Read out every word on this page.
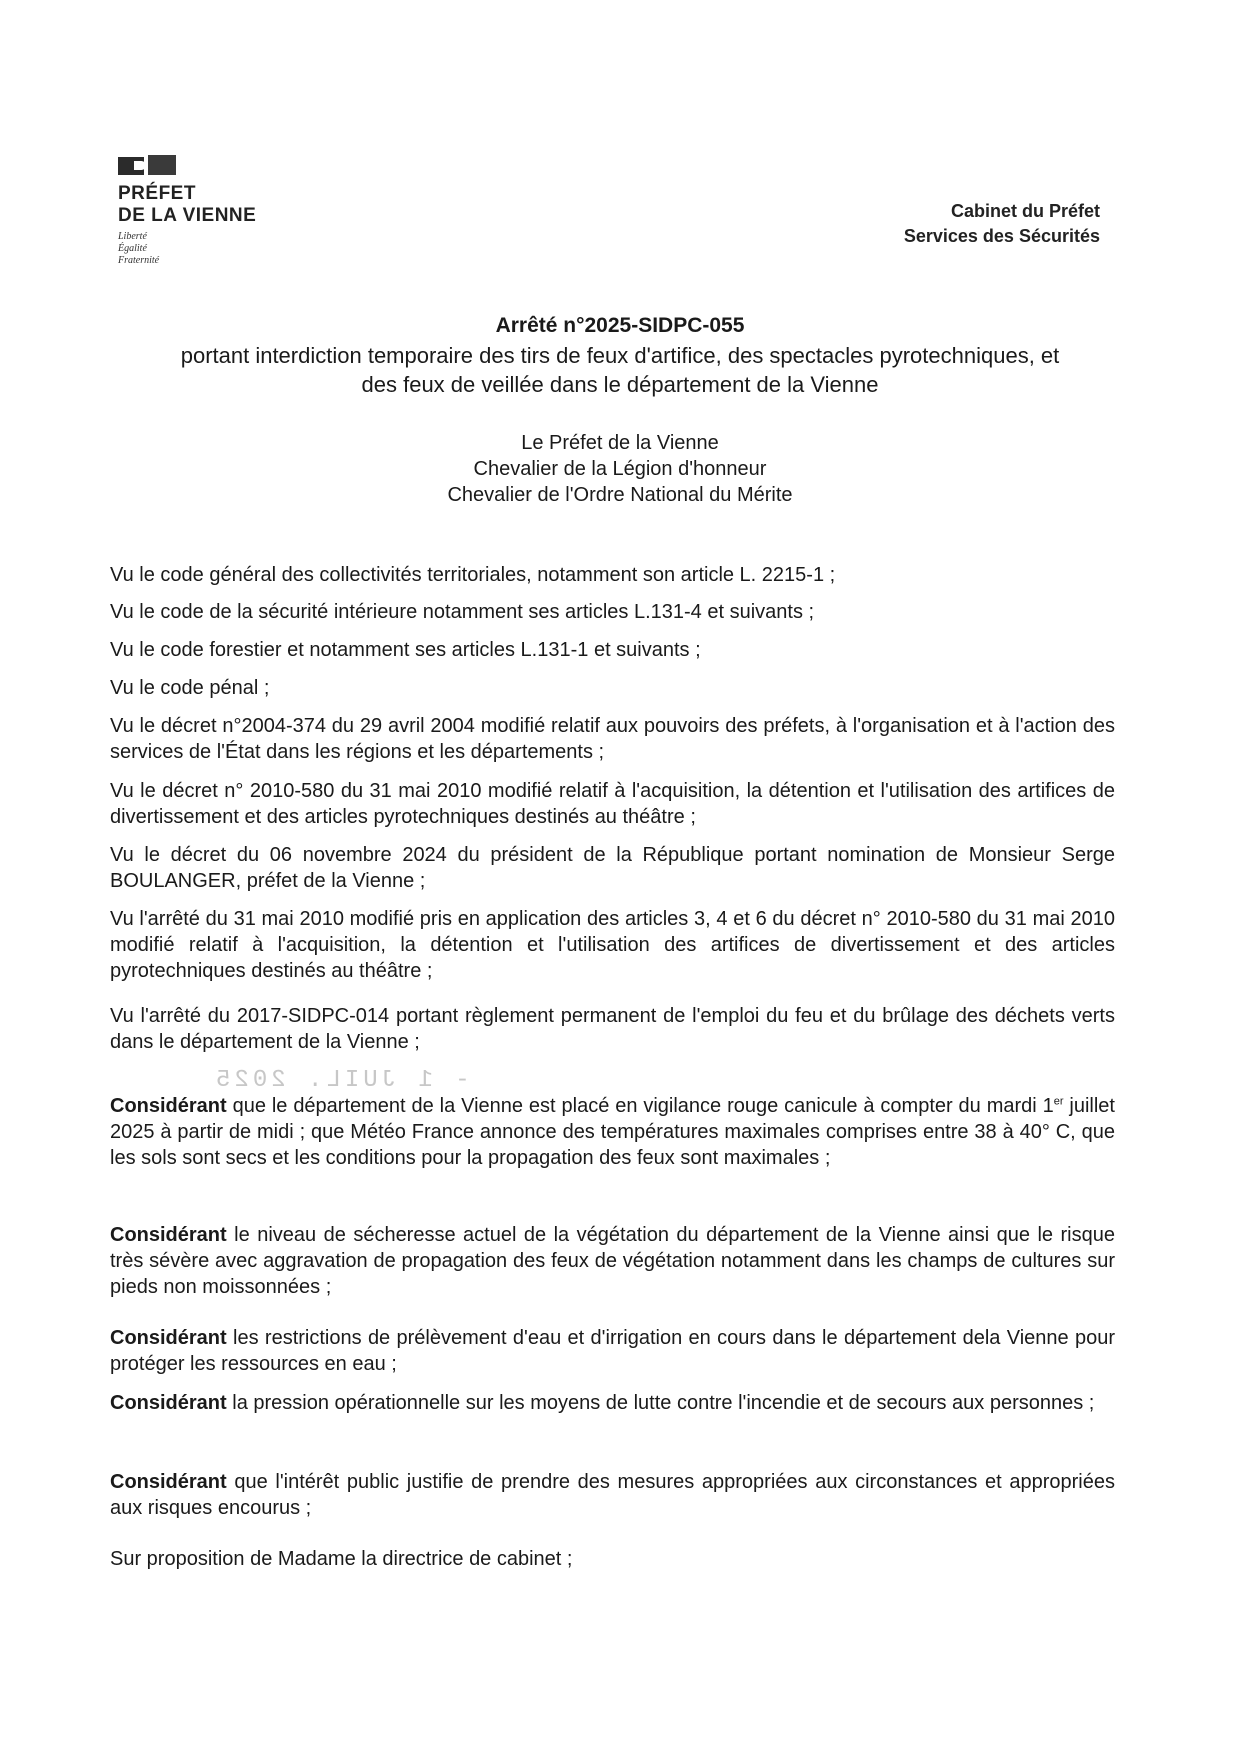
PRÉFET
DE LA VIENNE
Liberté
Égalité
Fraternité
Cabinet du Préfet
Services des Sécurités
Arrêté n°2025-SIDPC-055
portant interdiction temporaire des tirs de feux d'artifice, des spectacles pyrotechniques, et
des feux de veillée dans le département de la Vienne
Le Préfet de la Vienne
Chevalier de la Légion d'honneur
Chevalier de l'Ordre National du Mérite
Vu le code général des collectivités territoriales, notamment son article L. 2215-1 ;
Vu le code de la sécurité intérieure notamment ses articles L.131-4 et suivants ;
Vu le code forestier et notamment ses articles L.131-1 et suivants ;
Vu le code pénal ;
Vu le décret n°2004-374 du 29 avril 2004 modifié relatif aux pouvoirs des préfets, à l'organisation et à l'action des services de l'État dans les régions et les départements ;
Vu le décret n° 2010-580 du 31 mai 2010 modifié relatif à l'acquisition, la détention et l'utilisation des artifices de divertissement et des articles pyrotechniques destinés au théâtre ;
Vu le décret du 06 novembre 2024 du président de la République portant nomination de Monsieur Serge BOULANGER, préfet de la Vienne ;
Vu l'arrêté du 31 mai 2010 modifié pris en application des articles 3, 4 et 6 du décret n° 2010-580 du 31 mai 2010 modifié relatif à l'acquisition, la détention et l'utilisation des artifices de divertissement et des articles pyrotechniques destinés au théâtre ;
Vu l'arrêté du 2017-SIDPC-014 portant règlement permanent de l'emploi du feu et du brûlage des déchets verts dans le département de la Vienne ;
- 1 JUIL. 2025
Considérant que le département de la Vienne est placé en vigilance rouge canicule à compter du mardi 1er juillet 2025 à partir de midi ; que Météo France annonce des températures maximales comprises entre 38 à 40° C, que les sols sont secs et les conditions pour la propagation des feux sont maximales ;
Considérant le niveau de sécheresse actuel de la végétation du département de la Vienne ainsi que le risque très sévère avec aggravation de propagation des feux de végétation notamment dans les champs de cultures sur pieds non moissonnées ;
Considérant les restrictions de prélèvement d'eau et d'irrigation en cours dans le département dela Vienne pour protéger les ressources en eau ;
Considérant la pression opérationnelle sur les moyens de lutte contre l'incendie et de secours aux personnes ;
Considérant que l'intérêt public justifie de prendre des mesures appropriées aux circonstances et appropriées aux risques encourus ;
Sur proposition de Madame la directrice de cabinet ;
